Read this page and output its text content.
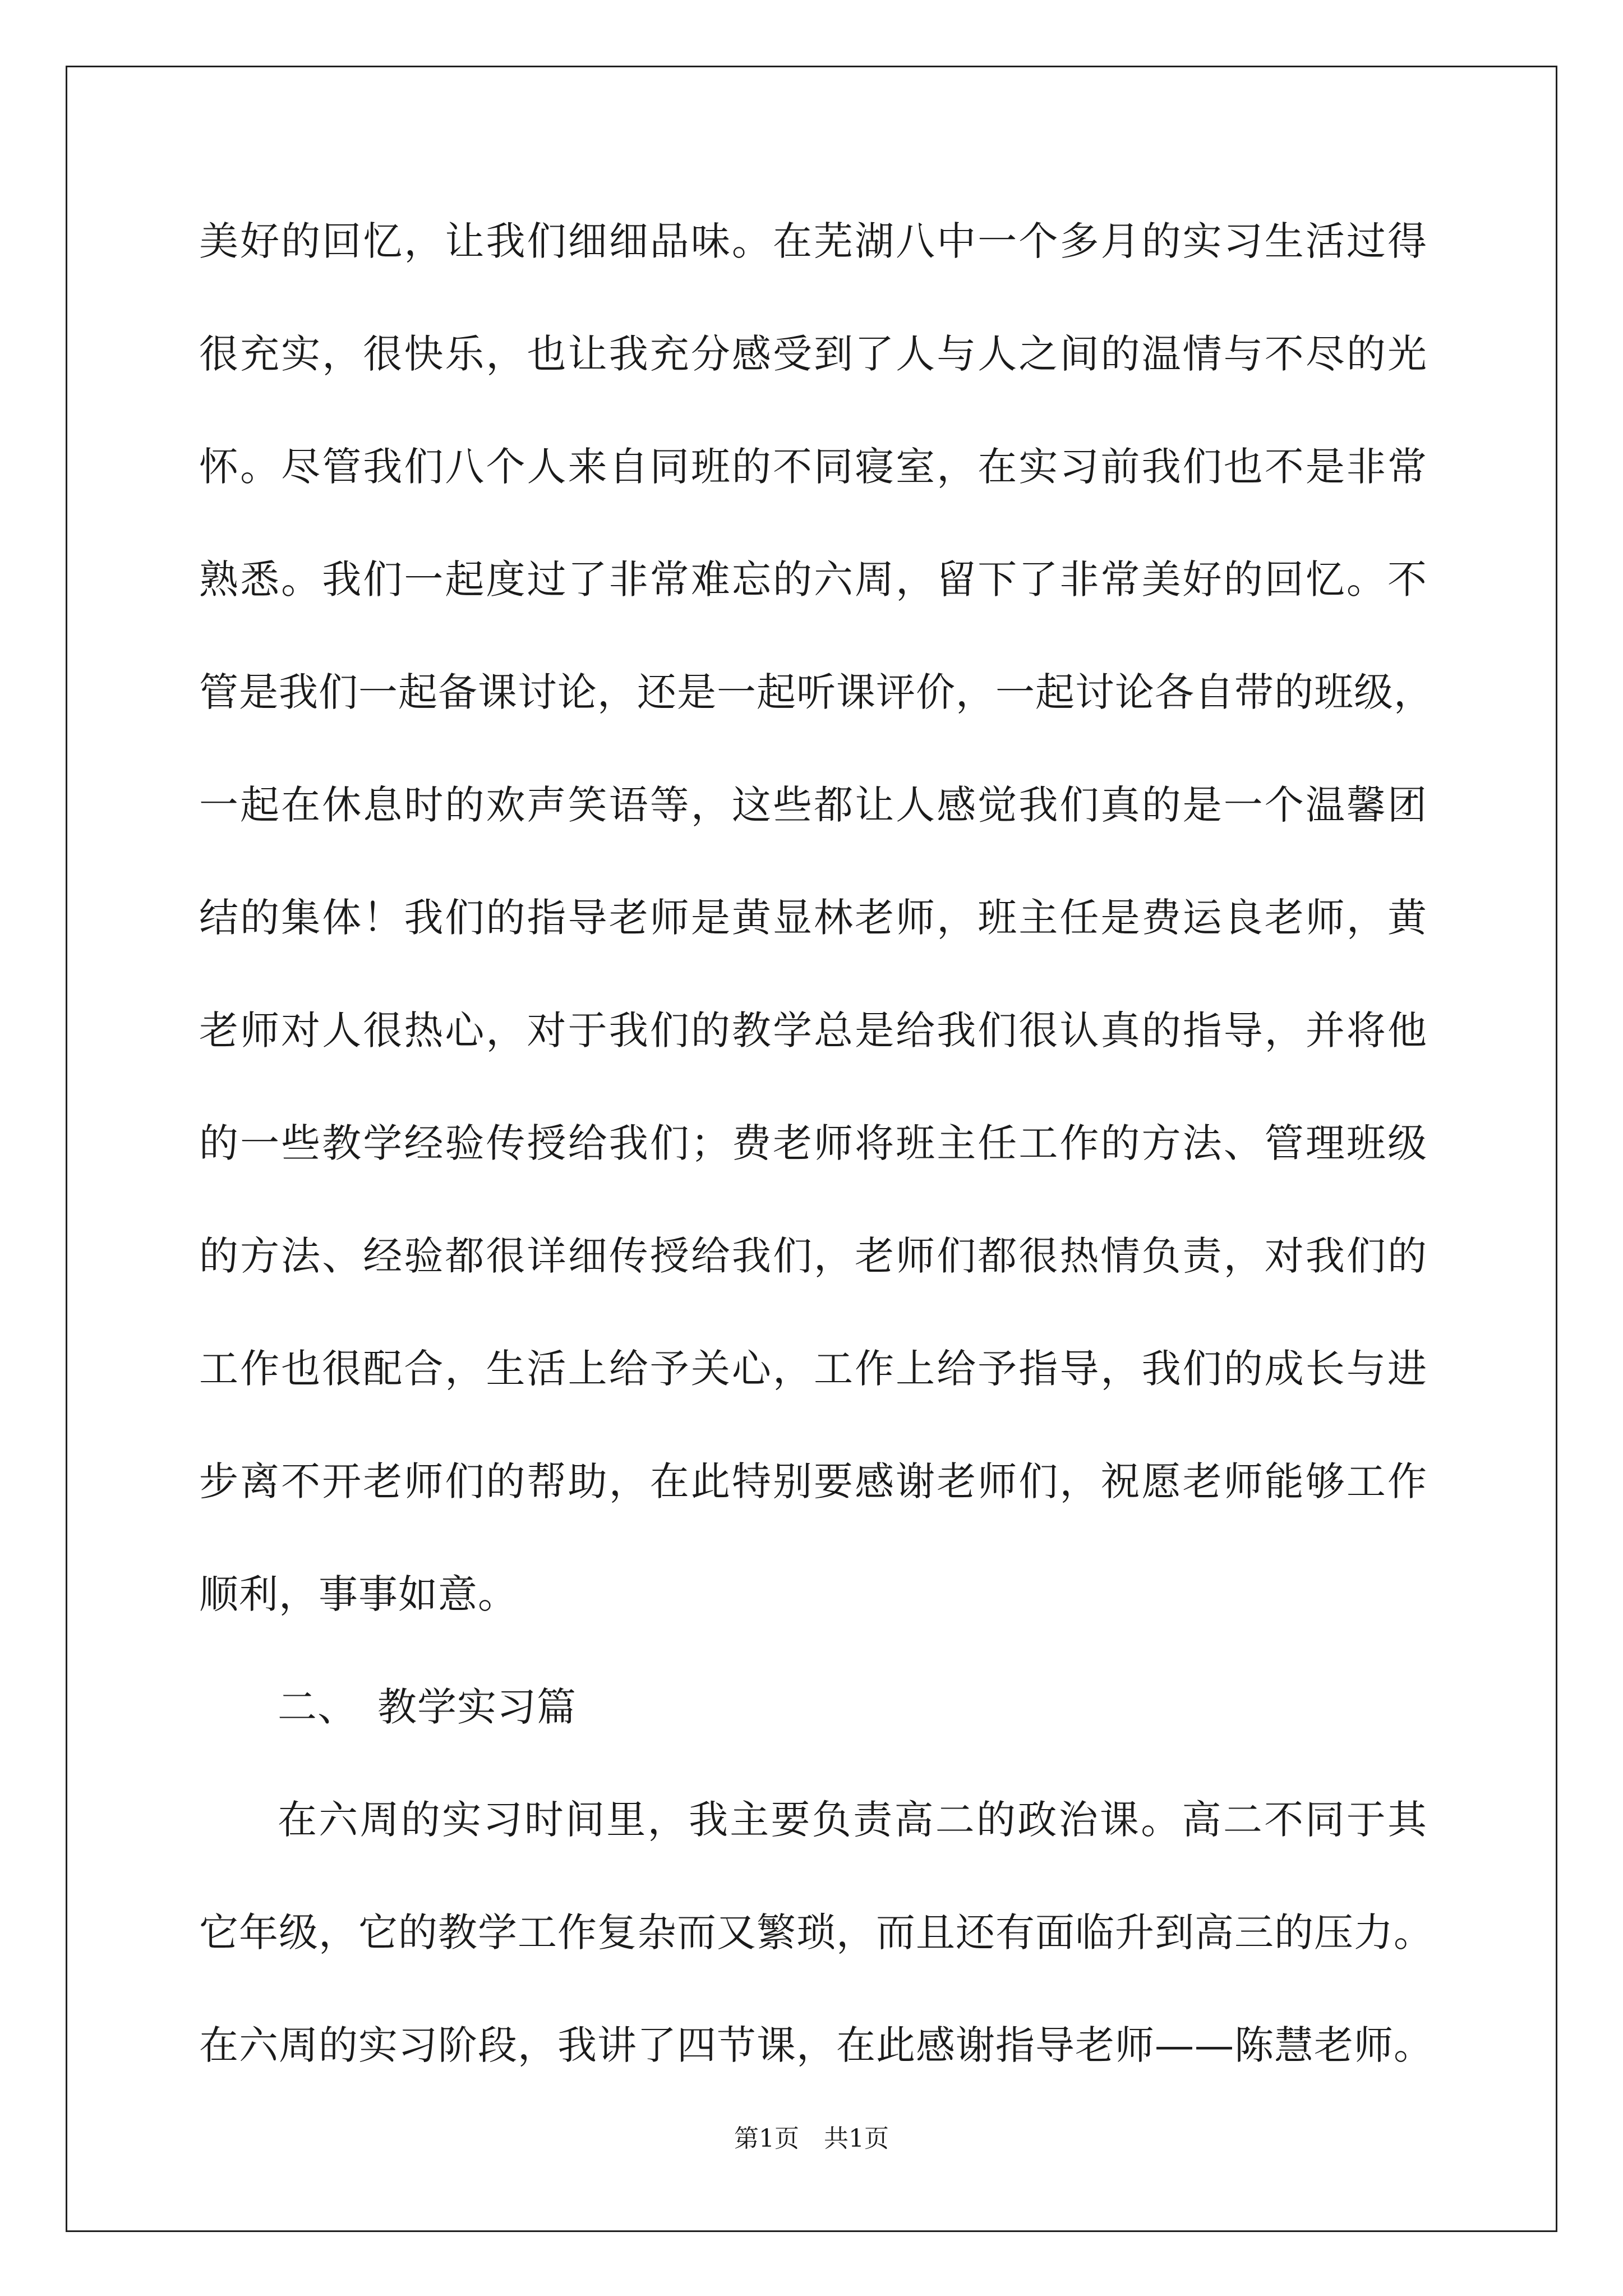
美好的回忆，让我们细细品味。在芜湖八中一个多月的实习生活过得
很充实，很快乐，也让我充分感受到了人与人之间的温情与不尽的光
怀。尽管我们八个人来自同班的不同寝室，在实习前我们也不是非常
熟悉。我们一起度过了非常难忘的六周，留下了非常美好的回忆。不
管是我们一起备课讨论，还是一起听课评价，一起讨论各自带的班级，
一起在休息时的欢声笑语等，这些都让人感觉我们真的是一个温馨团
结的集体！我们的指导老师是黄显林老师，班主任是费运良老师，黄
老师对人很热心，对于我们的教学总是给我们很认真的指导，并将他
的一些教学经验传授给我们；费老师将班主任工作的方法、管理班级
的方法、经验都很详细传授给我们，老师们都很热情负责，对我们的
工作也很配合，生活上给予关心，工作上给予指导，我们的成长与进
步离不开老师们的帮助，在此特别要感谢老师们，祝愿老师能够工作
顺利，事事如意。
二、　教学实习篇
在六周的实习时间里，我主要负责高二的政治课。高二不同于其
它年级，它的教学工作复杂而又繁琐，而且还有面临升到高三的压力。
在六周的实习阶段，我讲了四节课，在此感谢指导老师——陈慧老师。
第1页　共1页
